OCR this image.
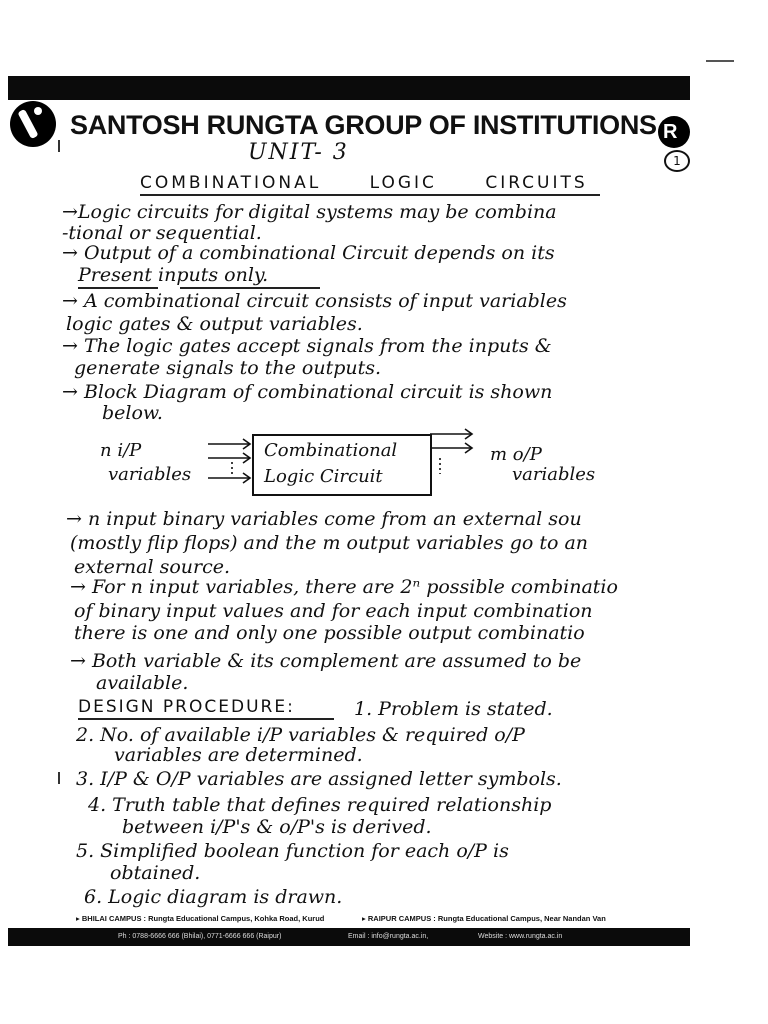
SANTOSH RUNGTA GROUP OF INSTITUTIONS R
1
UNIT- 3
COMBINATIONAL LOGIC CIRCUITS
→Logic circuits for digital systems may be combina
-tional or sequential.
→ Output of a combinational Circuit depends on its
Present inputs only.
→ A combinational circuit consists of input variables
logic gates & output variables.
→ The logic gates accept signals from the inputs &
generate signals to the outputs.
→ Block Diagram of combinational circuit is shown
below.
n i/P
variables
Combinational
Logic Circuit
m o/P
variables
→ n input binary variables come from an external sou
(mostly flip flops) and the m output variables go to an
external source.
→ For n input variables, there are 2ⁿ possible combinatio
of binary input values and for each input combination
there is one and only one possible output combinatio
→ Both variable & its complement are assumed to be
available.
DESIGN PROCEDURE:	1. Problem is stated.
2. No. of available i/P variables & required o/P
variables are determined.
3. I/P & O/P variables are assigned letter symbols.
4. Truth table that defines required relationship
between i/P's & o/P's is derived.
5. Simplified boolean function for each o/P is
obtained.
6. Logic diagram is drawn.
▸ BHILAI CAMPUS : Rungta Educational Campus, Kohka Road, Kurud	▸ RAIPUR CAMPUS : Rungta Educational Campus, Near Nandan Van
Ph : 0788-6666 666 (Bhilai), 0771-6666 666 (Raipur)	Email : info@rungta.ac.in,	Website : www.rungta.ac.in
